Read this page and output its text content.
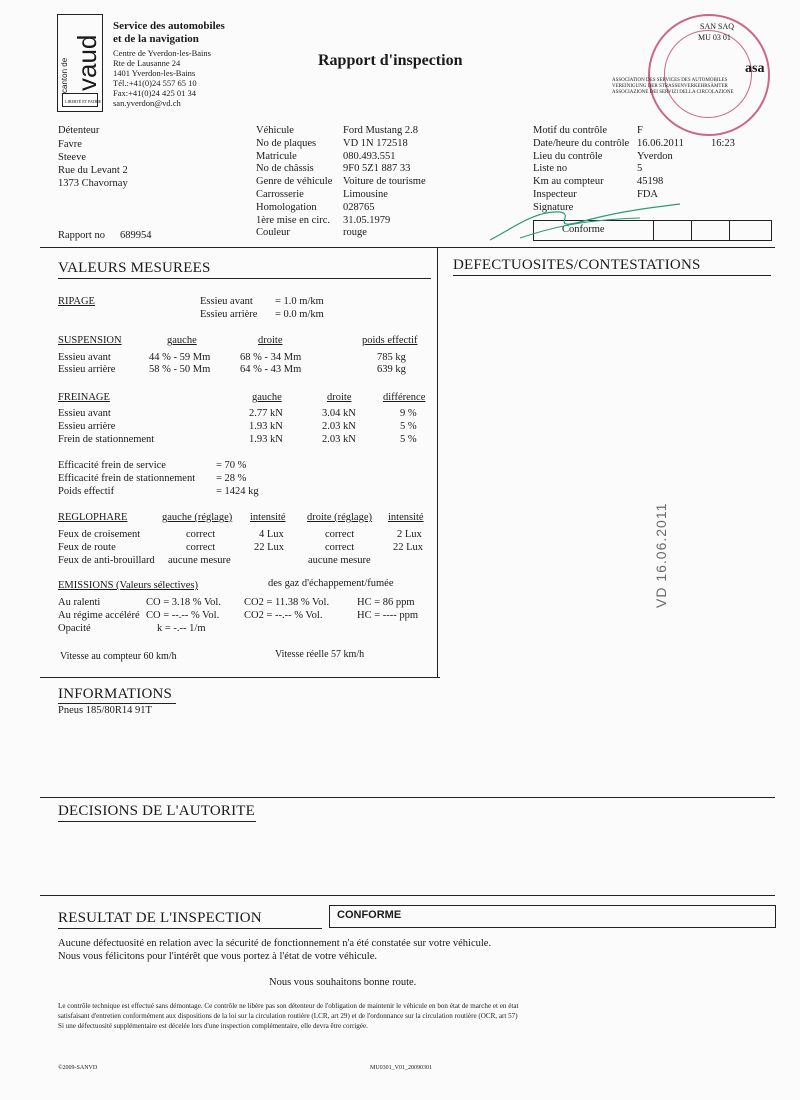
canton de vaud
LIBERTÉ ET PATRIE
Service des automobiles
et de la navigation
Centre de Yverdon-les-Bains
Rte de Lausanne 24
1401 Yverdon-les-Bains
Tél.:+41(0)24 557 65 10
Fax:+41(0)24 425 01 34
san.yverdon@vd.ch
Rapport d'inspection
SAN SAQ
MU 03 01
asa
ASSOCIATION DES SERVICES DES AUTOMOBILES
VEREINIGUNG DER STRASSENVERKEHRSÄMTER
ASSOCIAZIONE DEI SERVIZI DELLA CIRCOLAZIONE
Détenteur
Favre
Steeve
Rue du Levant 2
1373 Chavornay
Rapport no 689954
Véhicule	Ford Mustang 2.8
No de plaques	VD 1N 172518
Matricule	080.493.551
No de châssis	9F0 5Z1 887 33
Genre de véhicule Voiture de tourisme
Carrosserie	Limousine
Homologation	028765
1ère mise en circ. 31.05.1979
Couleur	rouge
Motif du contrôle	F
Date/heure du contrôle 16.06.2011	16:23
Lieu du contrôle	Yverdon
Liste no	5
Km au compteur	45198
Inspecteur	FDA
Signature
Conforme
VALEURS MESUREES
RIPAGE	Essieu avant = 1.0 m/km
Essieu arrière = 0.0 m/km
SUSPENSION	gauche	droite	poids effectif
Essieu avant	44 % - 59 Mm	68 % - 34 Mm	785 kg
Essieu arrière	58 % - 50 Mm	64 % - 43 Mm	639 kg
FREINAGE	gauche	droite	différence
Essieu avant	2.77 kN	3.04 kN	9 %
Essieu arrière	1.93 kN	2.03 kN	5 %
Frein de stationnement	1.93 kN	2.03 kN	5 %
Efficacité frein de service	= 70 %
Efficacité frein de stationnement = 28 %
Poids effectif	= 1424 kg
REGLOPHARE	gauche (réglage) intensité droite (réglage) intensité
Feux de croisement	correct	4 Lux	correct	2 Lux
Feux de route	correct	22 Lux	correct	22 Lux
Feux de anti-brouillard aucune mesure	aucune mesure
EMISSIONS (Valeurs sélectives)	des gaz d'échappement/fumée
Au ralenti	CO = 3.18 % Vol. CO2 = 11.38 % Vol.	HC = 86 ppm
Au régime accéléré CO = --.-- % Vol. CO2 = --.-- % Vol.	HC = ---- ppm
Opacité	k = -.-- 1/m
Vitesse au compteur 60 km/h	Vitesse réelle 57 km/h
DEFECTUOSITES/CONTESTATIONS
VD 16.06.2011
INFORMATIONS
Pneus 185/80R14 91T
DECISIONS DE L'AUTORITE
RESULTAT DE L'INSPECTION	CONFORME
Aucune défectuosité en relation avec la sécurité de fonctionnement n'a été constatée sur votre véhicule.
Nous vous félicitons pour l'intérêt que vous portez à l'état de votre véhicule.
Nous vous souhaitons bonne route.
Le contrôle technique est effectué sans démontage. Ce contrôle ne libère pas son détenteur de l'obligation de maintenir le véhicule en bon état de marche et en état
satisfaisant d'entretien conformément aux dispositions de la loi sur la circulation routière (LCR, art 29) et de l'ordonnance sur la circulation routière (OCR, art 57)
Si une défectuosité supplémentaire est décelée lors d'une inspection complémentaire, elle devra être corrigée.
©2009-SANVD	MU0301_V01_20090301
